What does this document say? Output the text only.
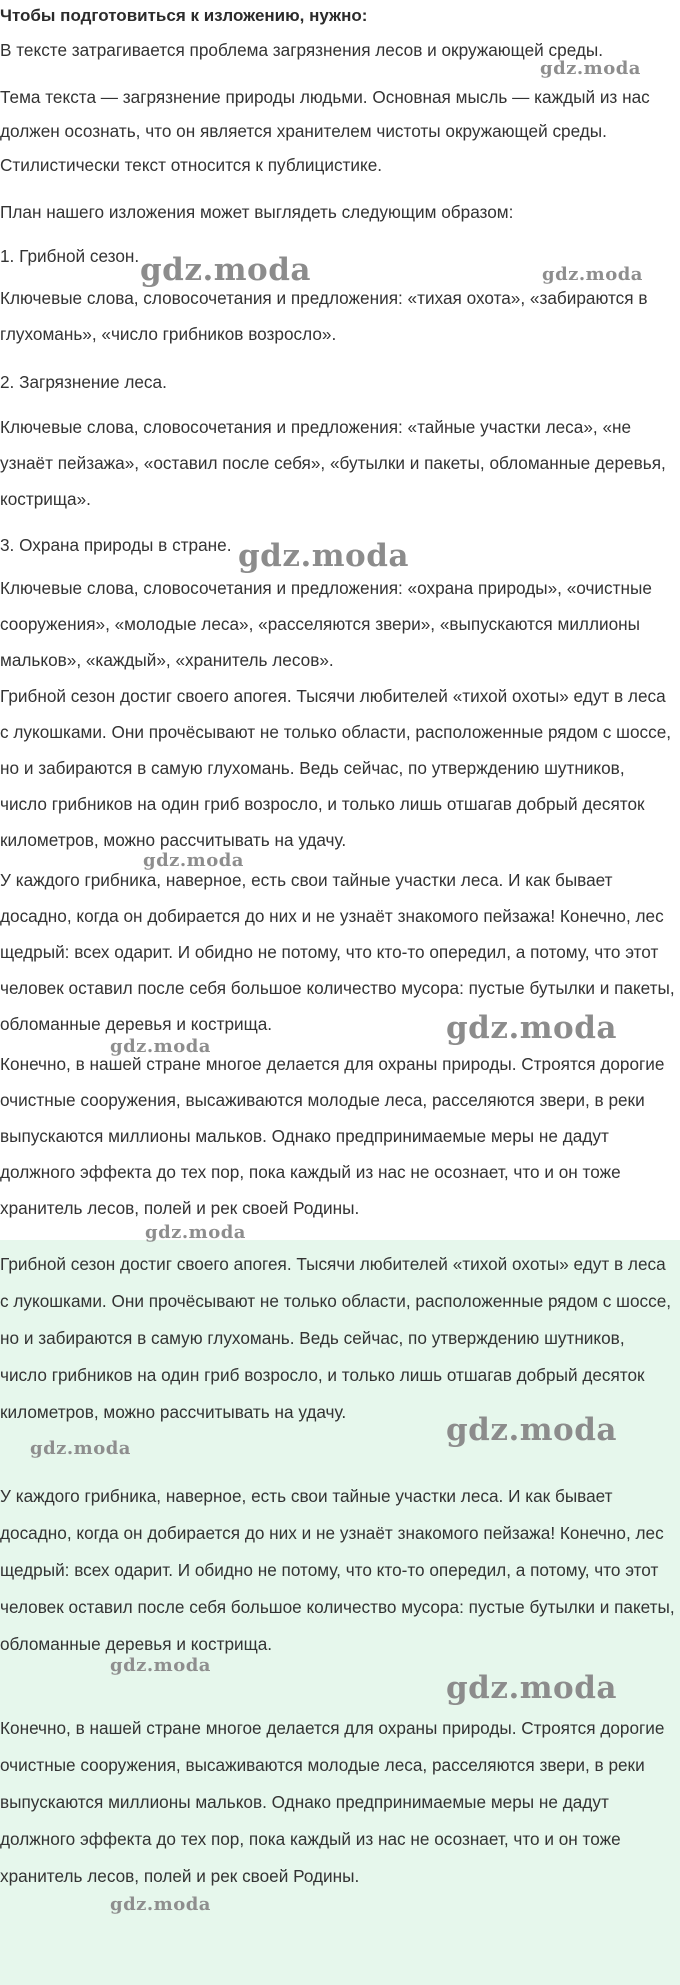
Чтобы подготовиться к изложению, нужно:

В тексте затрагивается проблема загрязнения лесов и окружающей среды.

Тема текста — загрязнение природы людьми. Основная мысль — каждый из нас должен осознать, что он является хранителем чистоты окружающей среды. Стилистически текст относится к публицистике.

План нашего изложения может выглядеть следующим образом:

1. Грибной сезон.

Ключевые слова, словосочетания и предложения: «тихая охота», «забираются в глухомань», «число грибников возросло».

2. Загрязнение леса.

Ключевые слова, словосочетания и предложения: «тайные участки леса», «не узнаёт пейзажа», «оставил после себя», «бутылки и пакеты, обломанные деревья, кострища».

3. Охрана природы в стране.

Ключевые слова, словосочетания и предложения: «охрана природы», «очистные сооружения», «молодые леса», «расселяются звери», «выпускаются миллионы мальков», «каждый», «хранитель лесов».

Грибной сезон достиг своего апогея. Тысячи любителей «тихой охоты» едут в леса с лукошками. Они прочёсывают не только области, расположенные рядом с шоссе, но и забираются в самую глухомань. Ведь сейчас, по утверждению шутников, число грибников на один гриб возросло, и только лишь отшагав добрый десяток километров, можно рассчитывать на удачу.

У каждого грибника, наверное, есть свои тайные участки леса. И как бывает досадно, когда он добирается до них и не узнаёт знакомого пейзажа! Конечно, лес щедрый: всех одарит. И обидно не потому, что кто-то опередил, а потому, что этот человек оставил после себя большое количество мусора: пустые бутылки и пакеты, обломанные деревья и кострища.

Конечно, в нашей стране многое делается для охраны природы. Строятся дорогие очистные сооружения, высаживаются молодые леса, расселяются звери, в реки выпускаются миллионы мальков. Однако предпринимаемые меры не дадут должного эффекта до тех пор, пока каждый из нас не осознает, что и он тоже хранитель лесов, полей и рек своей Родины.

Грибной сезон достиг своего апогея. Тысячи любителей «тихой охоты» едут в леса с лукошками. Они прочёсывают не только области, расположенные рядом с шоссе, но и забираются в самую глухомань. Ведь сейчас, по утверждению шутников, число грибников на один гриб возросло, и только лишь отшагав добрый десяток километров, можно рассчитывать на удачу.

У каждого грибника, наверное, есть свои тайные участки леса. И как бывает досадно, когда он добирается до них и не узнаёт знакомого пейзажа! Конечно, лес щедрый: всех одарит. И обидно не потому, что кто-то опередил, а потому, что этот человек оставил после себя большое количество мусора: пустые бутылки и пакеты, обломанные деревья и кострища.

Конечно, в нашей стране многое делается для охраны природы. Строятся дорогие очистные сооружения, высаживаются молодые леса, расселяются звери, в реки выпускаются миллионы мальков. Однако предпринимаемые меры не дадут должного эффекта до тех пор, пока каждый из нас не осознает, что и он тоже хранитель лесов, полей и рек своей Родины.

gdz.moda
gdz.moda	gdz.moda
gdz.moda
gdz.moda
gdz.moda
gdz.moda
gdz.moda
gdz.moda
gdz.moda
gdz.moda
gdz.moda
gdz.moda
